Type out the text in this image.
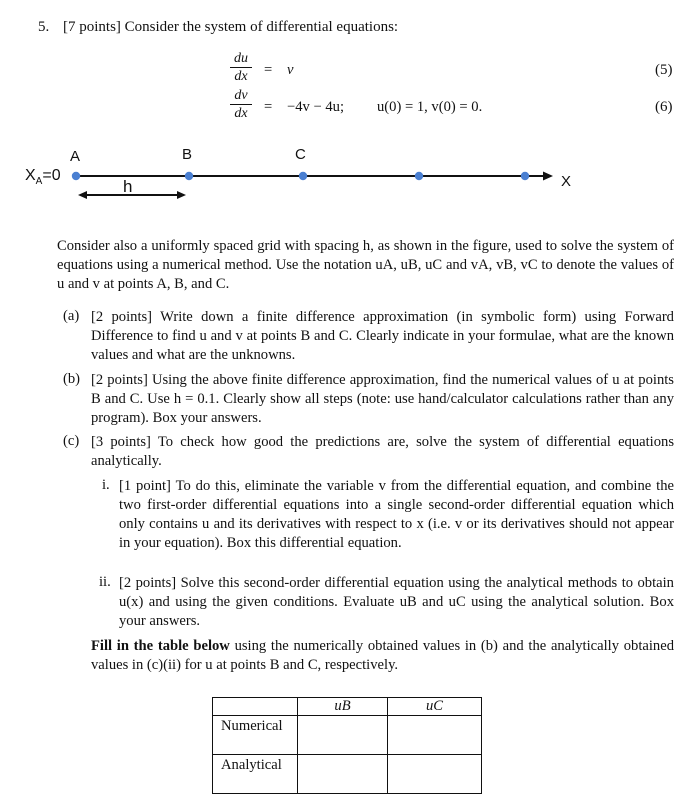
5. [7 points] Consider the system of differential equations:
$\frac{du}{dx} = v$	(5)
$\frac{dv}{dx} = -4v - 4u$; u(0) = 1, v(0) = 0.	(6)
$X_A=0$
A	B	C
h	X
Consider also a uniformly spaced grid with spacing h, as shown in the figure, used to solve the system of equations using a numerical method. Use the notation uA, uB, uC and vA, vB, vC to denote the values of u and v at points A, B, and C.
(a) [2 points] Write down a finite difference approximation (in symbolic form) using Forward Difference to find u and v at points B and C. Clearly indicate in your formulae, what are the known values and what are the unknowns.
(b) [2 points] Using the above finite difference approximation, find the numerical values of u at points B and C. Use h = 0.1. Clearly show all steps (note: use hand/calculator calculations rather than any program). Box your answers.
(c) [3 points] To check how good the predictions are, solve the system of differential equations analytically.
i. [1 point] To do this, eliminate the variable v from the differential equation, and combine the two first-order differential equations into a single second-order differential equation which only contains u and its derivatives with respect to x (i.e. v or its derivatives should not appear in your equation). Box this differential equation.
ii. [2 points] Solve this second-order differential equation using the analytical methods to obtain u(x) and using the given conditions. Evaluate uB and uC using the analytical solution. Box your answers.
Fill in the table below using the numerically obtained values in (b) and the analytically obtained values in (c)(ii) for u at points B and C, respectively.
	uB	uC
Numerical		
Analytical		
